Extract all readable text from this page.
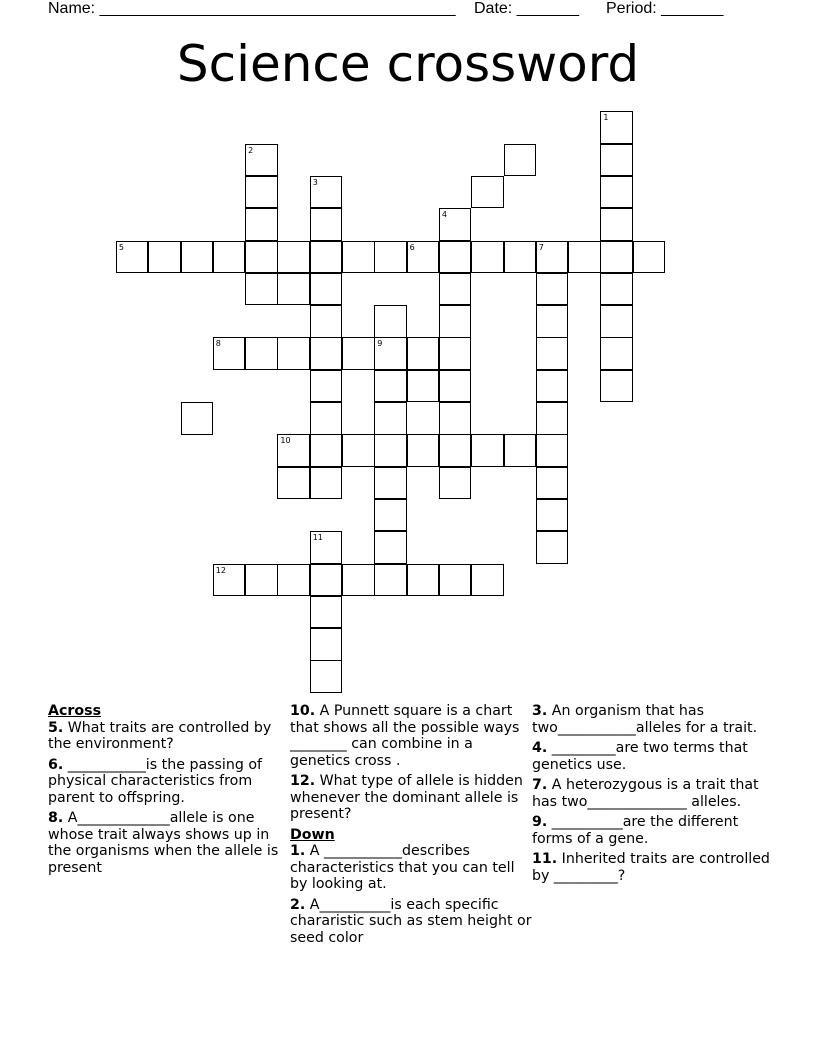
Name: ________________________________________ Date: _______ Period: _______
Science crossword
4
1
2
3
5	6	7
8	9
10
11
12
Across
5. What traits are controlled by the environment?
6. ___________is the passing of physical characteristics from parent to offspring.
8. A_____________allele is one whose trait always shows up in the organisms when the allele is present
10. A Punnett square is a chart that shows all the possible ways ________ can combine in a genetics cross .
12. What type of allele is hidden whenever the dominant allele is present?
Down
1. A ___________describes characteristics that you can tell by looking at.
2. A__________is each specific chararistic such as stem height or seed color
3. An organism that has two___________alleles for a trait.
4. _________are two terms that genetics use.
7. A heterozygous is a trait that has two______________ alleles.
9. __________are the different forms of a gene.
11. Inherited traits are controlled by _________?
